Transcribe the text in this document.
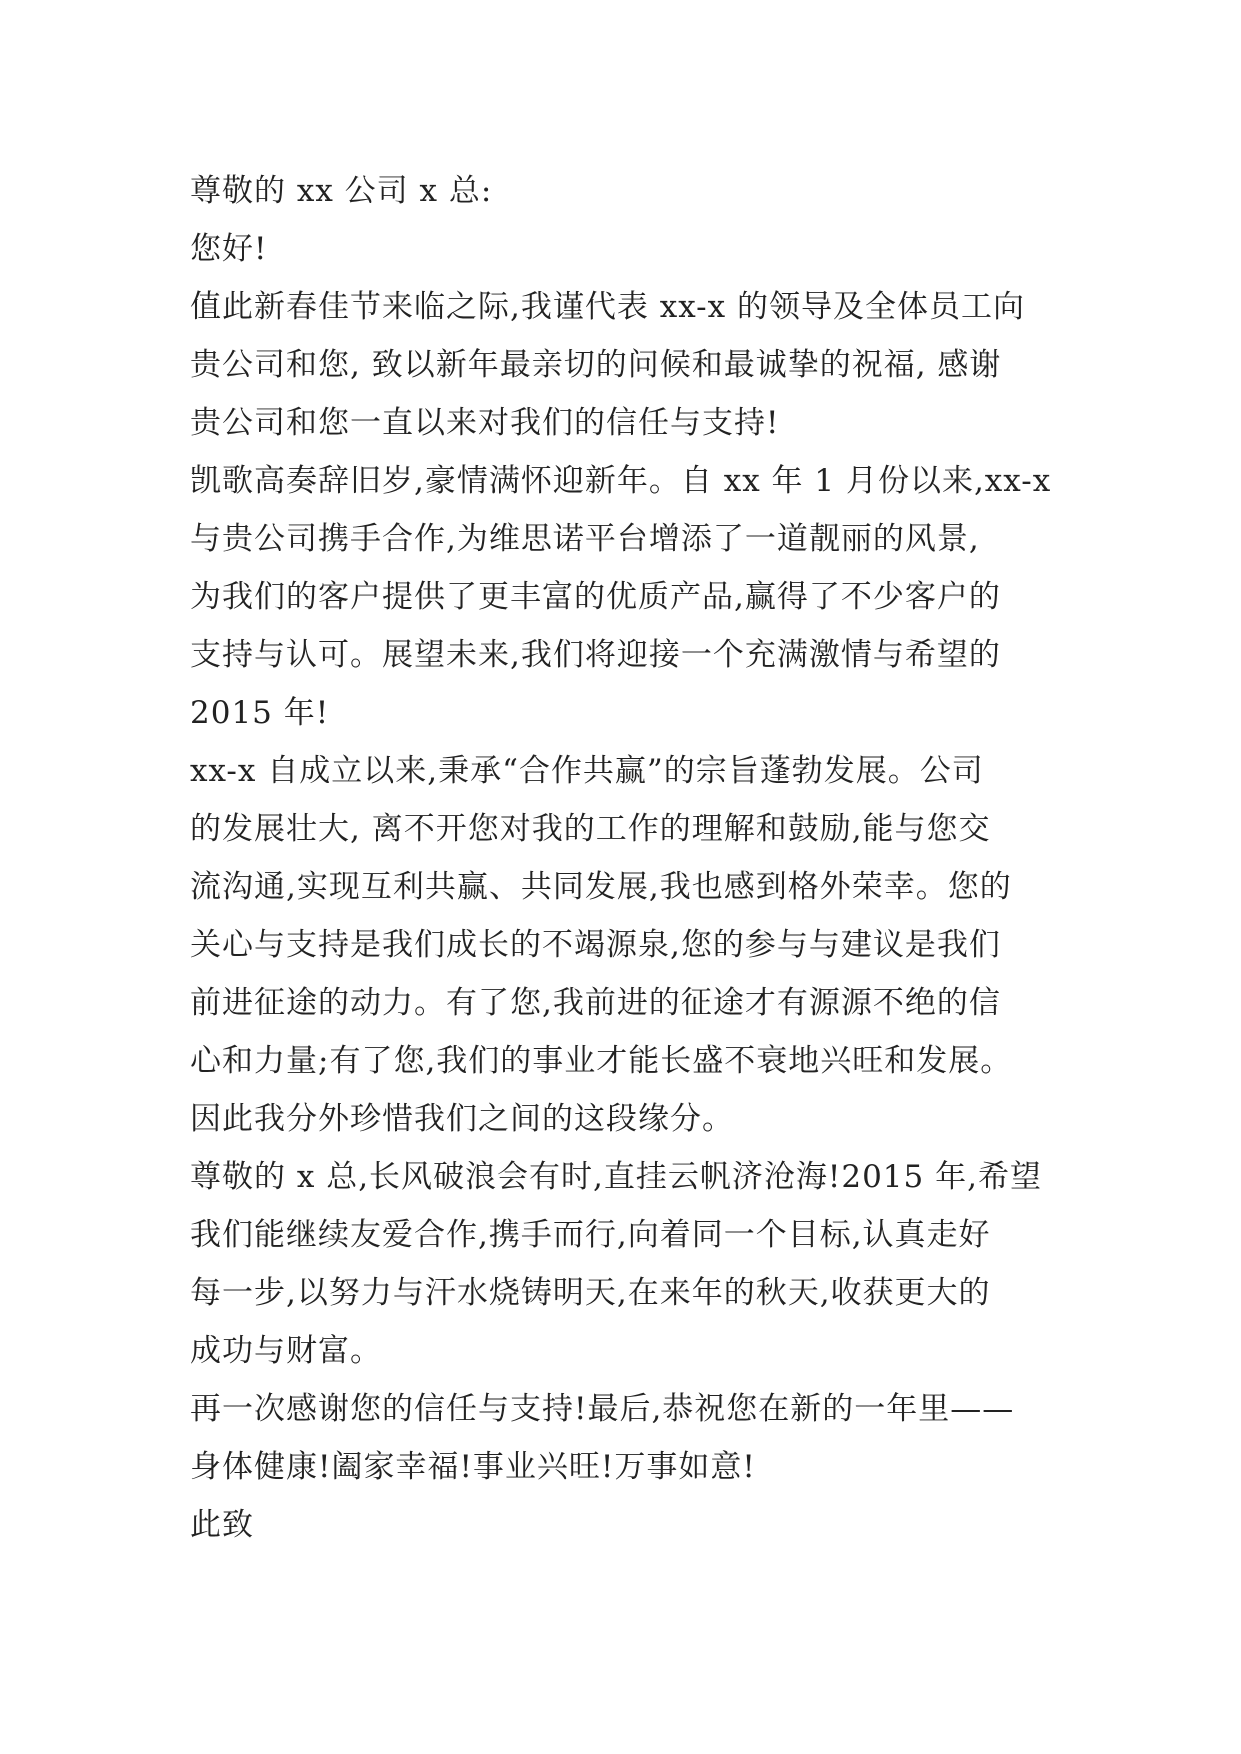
尊敬的 xx 公司 x 总:
您好!
值此新春佳节来临之际,我谨代表 xx-x 的领导及全体员工向
贵公司和您, 致以新年最亲切的问候和最诚挚的祝福, 感谢
贵公司和您一直以来对我们的信任与支持!
凯歌高奏辞旧岁,豪情满怀迎新年。自 xx 年 1 月份以来,xx-x
与贵公司携手合作,为维思诺平台增添了一道靓丽的风景,
为我们的客户提供了更丰富的优质产品,赢得了不少客户的
支持与认可。展望未来,我们将迎接一个充满激情与希望的
2015 年!
xx-x 自成立以来,秉承“合作共赢”的宗旨蓬勃发展。公司
的发展壮大, 离不开您对我的工作的理解和鼓励,能与您交
流沟通,实现互利共赢、共同发展,我也感到格外荣幸。您的
关心与支持是我们成长的不竭源泉,您的参与与建议是我们
前进征途的动力。有了您,我前进的征途才有源源不绝的信
心和力量;有了您,我们的事业才能长盛不衰地兴旺和发展。
因此我分外珍惜我们之间的这段缘分。
尊敬的 x 总,长风破浪会有时,直挂云帆济沧海!2015 年,希望
我们能继续友爱合作,携手而行,向着同一个目标,认真走好
每一步,以努力与汗水烧铸明天,在来年的秋天,收获更大的
成功与财富。
再一次感谢您的信任与支持!最后,恭祝您在新的一年里——
身体健康!阖家幸福!事业兴旺!万事如意!
此致
